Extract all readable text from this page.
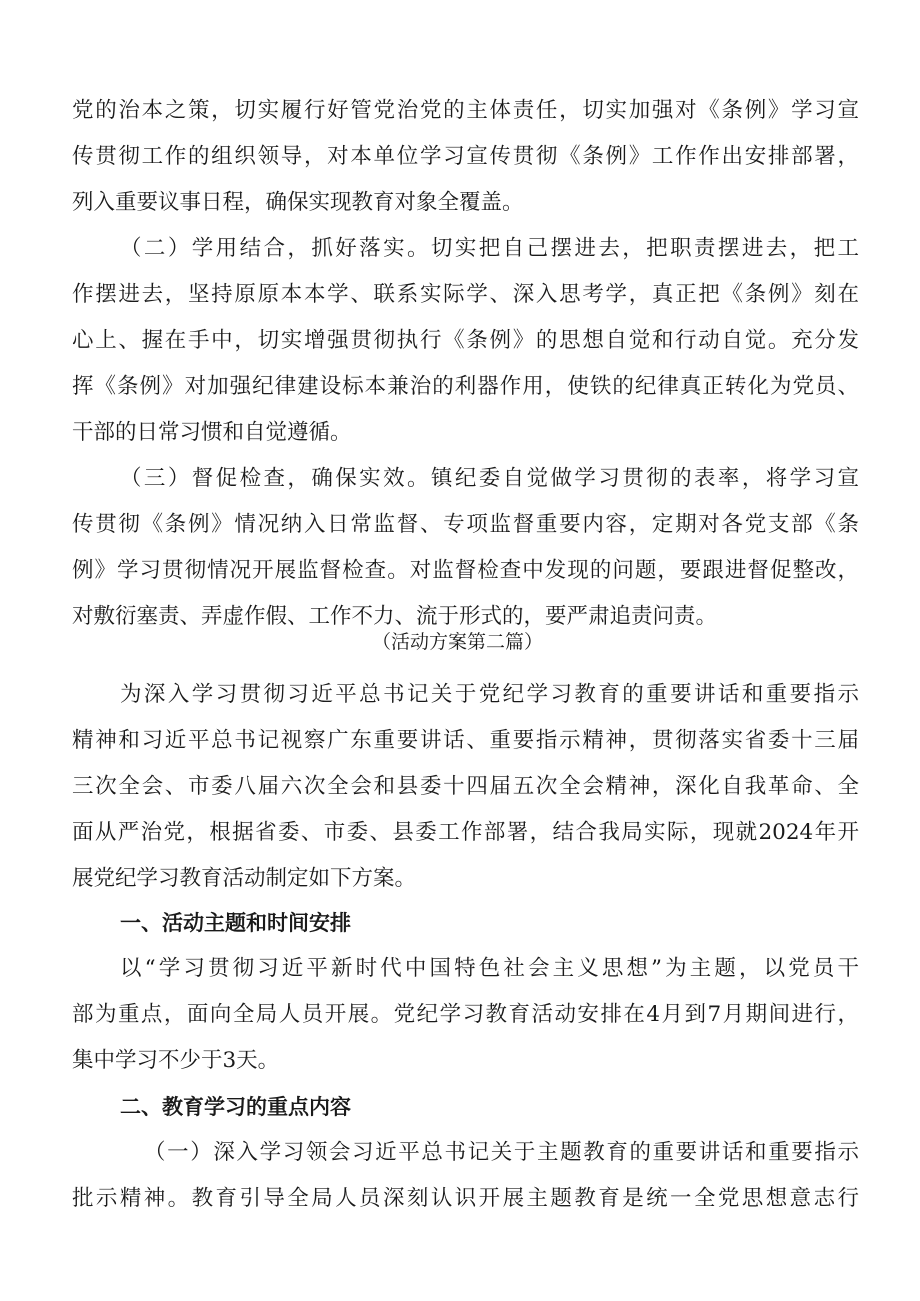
党的治本之策，切实履行好管党治党的主体责任，切实加强对《条例》学习宣
传贯彻工作的组织领导，对本单位学习宣传贯彻《条例》工作作出安排部署，
列入重要议事日程，确保实现教育对象全覆盖。
（二）学用结合，抓好落实。切实把自己摆进去，把职责摆进去，把工
作摆进去，坚持原原本本学、联系实际学、深入思考学，真正把《条例》刻在
心上、握在手中，切实增强贯彻执行《条例》的思想自觉和行动自觉。充分发
挥《条例》对加强纪律建设标本兼治的利器作用，使铁的纪律真正转化为党员、
干部的日常习惯和自觉遵循。
（三）督促检查，确保实效。镇纪委自觉做学习贯彻的表率，将学习宣
传贯彻《条例》情况纳入日常监督、专项监督重要内容，定期对各党支部《条
例》学习贯彻情况开展监督检查。对监督检查中发现的问题，要跟进督促整改，
对敷衍塞责、弄虚作假、工作不力、流于形式的，要严肃追责问责。
（活动方案第二篇）
为深入学习贯彻习近平总书记关于党纪学习教育的重要讲话和重要指示
精神和习近平总书记视察广东重要讲话、重要指示精神，贯彻落实省委十三届
三次全会、市委八届六次全会和县委十四届五次全会精神，深化自我革命、全
面从严治党，根据省委、市委、县委工作部署，结合我局实际，现就2024年开
展党纪学习教育活动制定如下方案。
一、活动主题和时间安排
以“学习贯彻习近平新时代中国特色社会主义思想”为主题，以党员干
部为重点，面向全局人员开展。党纪学习教育活动安排在4月到7月期间进行，
集中学习不少于3天。
二、教育学习的重点内容
（一）深入学习领会习近平总书记关于主题教育的重要讲话和重要指示
批示精神。教育引导全局人员深刻认识开展主题教育是统一全党思想意志行
